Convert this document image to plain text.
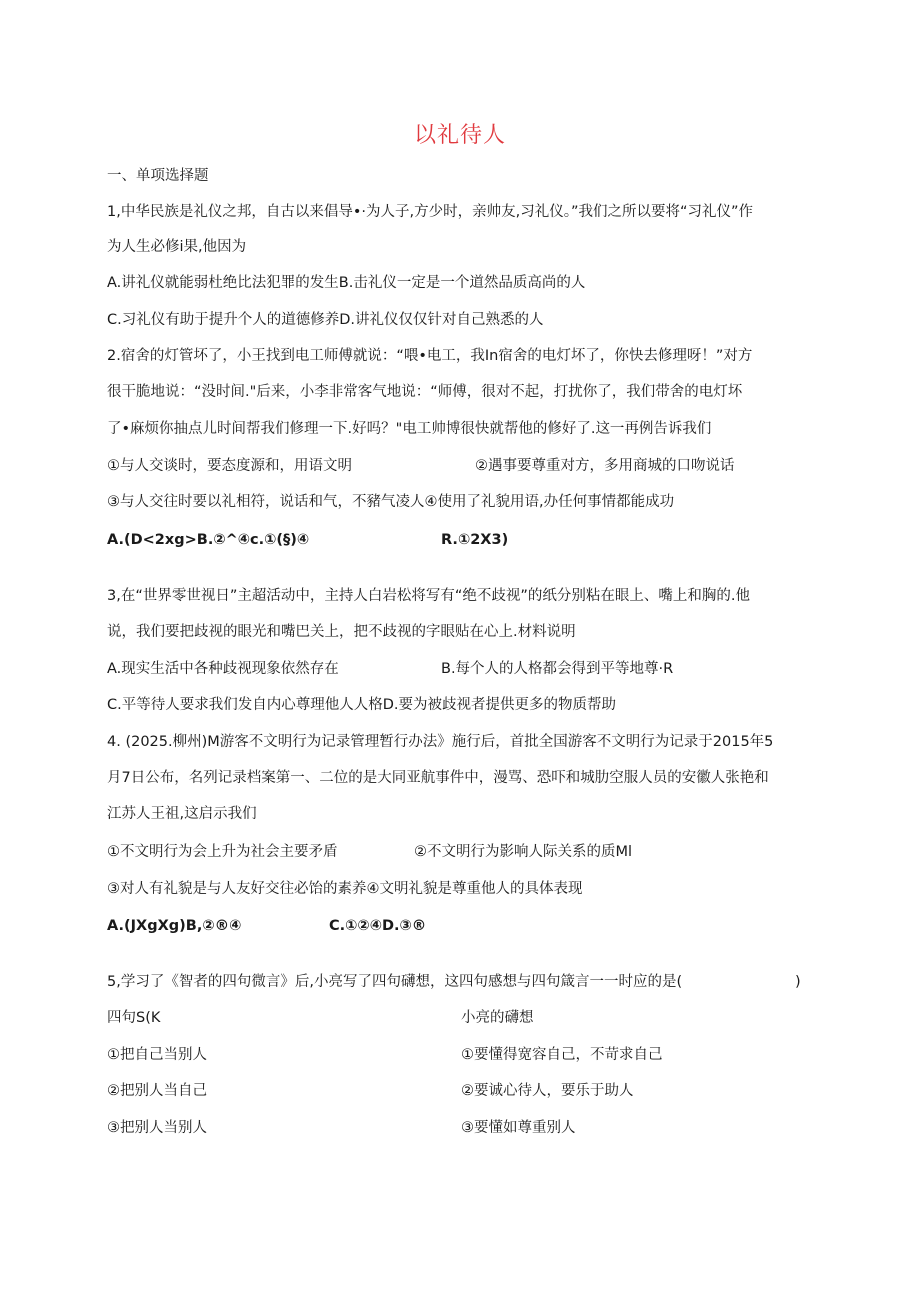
以礼待人
一、单项选择题
1,中华民族是礼仪之邦，自古以来倡导•·为人子,方少时，亲帅友,习礼仪。”我们之所以要将“习礼仪”作
为人生必修i果,他因为
A.讲礼仪就能弱杜绝比法犯罪的发生B.击礼仪一定是一个道然品质高尚的人
C.习礼仪有助于提升个人的道德修养D.讲礼仪仅仅针对自己熟悉的人
2.宿舍的灯管坏了，小王找到电工师傅就说：“喂•电工，我In宿舍的电灯坏了，你快去修理呀！”对方
很干脆地说：“没时间."后来，小李非常客气地说：“师傅，很对不起，打扰你了，我们带舍的电灯坏
了•麻烦你抽点儿时间帮我们修理一下.好吗？"电工帅博很快就帮他的修好了.这一再例告诉我们
①与人交谈时，要态度源和，用语文明	②遇事要尊重对方，多用商城的口吻说话
③与人交往时要以礼相符，说话和气，不豬气凌人④使用了礼貌用语,办任何事情都能成功
A.(D<2xg>B.②^④c.①(§)④	R.①2X3)
3,在“世界零世视日”主超活动中，主持人白岩松将写有“绝不歧视”的纸分别粘在眼上、嘴上和胸的.他
说，我们要把歧视的眼光和嘴巴关上，把不歧视的字眼贴在心上.材料说明
A.现实生活中各种歧视现象依然存在	B.每个人的人格都会得到平等地尊·R
C.平等待人要求我们发自内心尊理他人人格D.要为被歧视者提供更多的物质帮助
4. (2025.柳州)M游客不文明行为记录管理暂行办法》施行后，首批全国游客不文明行为记录于2015年5
月7日公布，名列记录档案第一、二位的是大同亚航事件中，漫骂、恐吓和城肋空服人员的安徽人张艳和
江苏人王祖,这启示我们
①不文明行为会上升为社会主要矛盾	②不文明行为影响人际关系的质Ml
③对人有礼貌是与人友好交往必饴的素养④文明礼貌是尊重他人的具体表现
A.(JXgXg)B,②®④	C.①②④D.③®
5,学习了《智者的四句微言》后,小亮写了四句礴想，这四句感想与四句箴言一一时应的是(	)
四句S(K	小亮的礴想
①把自己当别人	①要懂得宽容自己，不苛求自己
②把别人当自己	②要诚心待人，要乐于助人
③把别人当别人	③要懂如尊重别人
